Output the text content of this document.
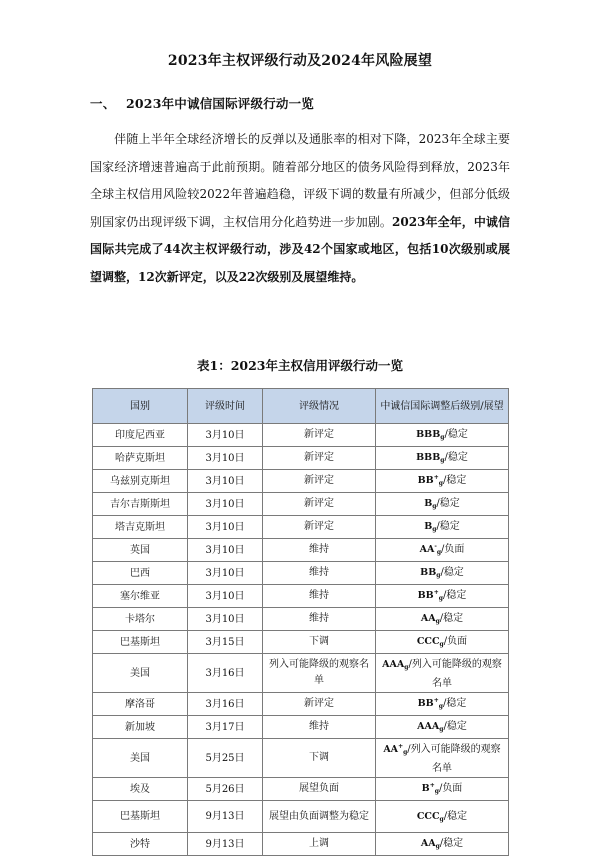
2023年主权评级行动及2024年风险展望
一、 2023年中诚信国际评级行动一览
伴随上半年全球经济增长的反弹以及通胀率的相对下降，2023年全球主要国家经济增速普遍高于此前预期。随着部分地区的债务风险得到释放，2023年全球主权信用风险较2022年普遍趋稳，评级下调的数量有所减少，但部分低级别国家仍出现评级下调，主权信用分化趋势进一步加剧。2023年全年，中诚信国际共完成了44次主权评级行动，涉及42个国家或地区，包括10次级别或展望调整，12次新评定，以及22次级别及展望维持。
表1：2023年主权信用评级行动一览
国别	评级时间	评级情况	中诚信国际调整后级别/展望
印度尼西亚	3月10日	新评定	$BBB_g/$稳定
哈萨克斯坦	3月10日	新评定	$BBB_g/$稳定
乌兹别克斯坦	3月10日	新评定	$BB^+_g/$稳定
吉尔吉斯斯坦	3月10日	新评定	$B_g/$稳定
塔吉克斯坦	3月10日	新评定	$B_g/$稳定
英国	3月10日	维持	$AA^-_g/$负面
巴西	3月10日	维持	$BB_g/$稳定
塞尔维亚	3月10日	维持	$BB^+_g/$稳定
卡塔尔	3月10日	维持	$AA_g/$稳定
巴基斯坦	3月15日	下调	$CCC_g/$负面
美国	3月16日	列入可能降级的观察名单	$AAA_g/$列入可能降级的观察名单
摩洛哥	3月16日	新评定	$BB^+_g/$稳定
新加坡	3月17日	维持	$AAA_g/$稳定
美国	5月25日	下调	$AA^+_g/$列入可能降级的观察名单
埃及	5月26日	展望负面	$B^+_g/$负面
巴基斯坦	9月13日	展望由负面调整为稳定	$CCC_g/$稳定
沙特	9月13日	上调	$AA_g/$稳定
